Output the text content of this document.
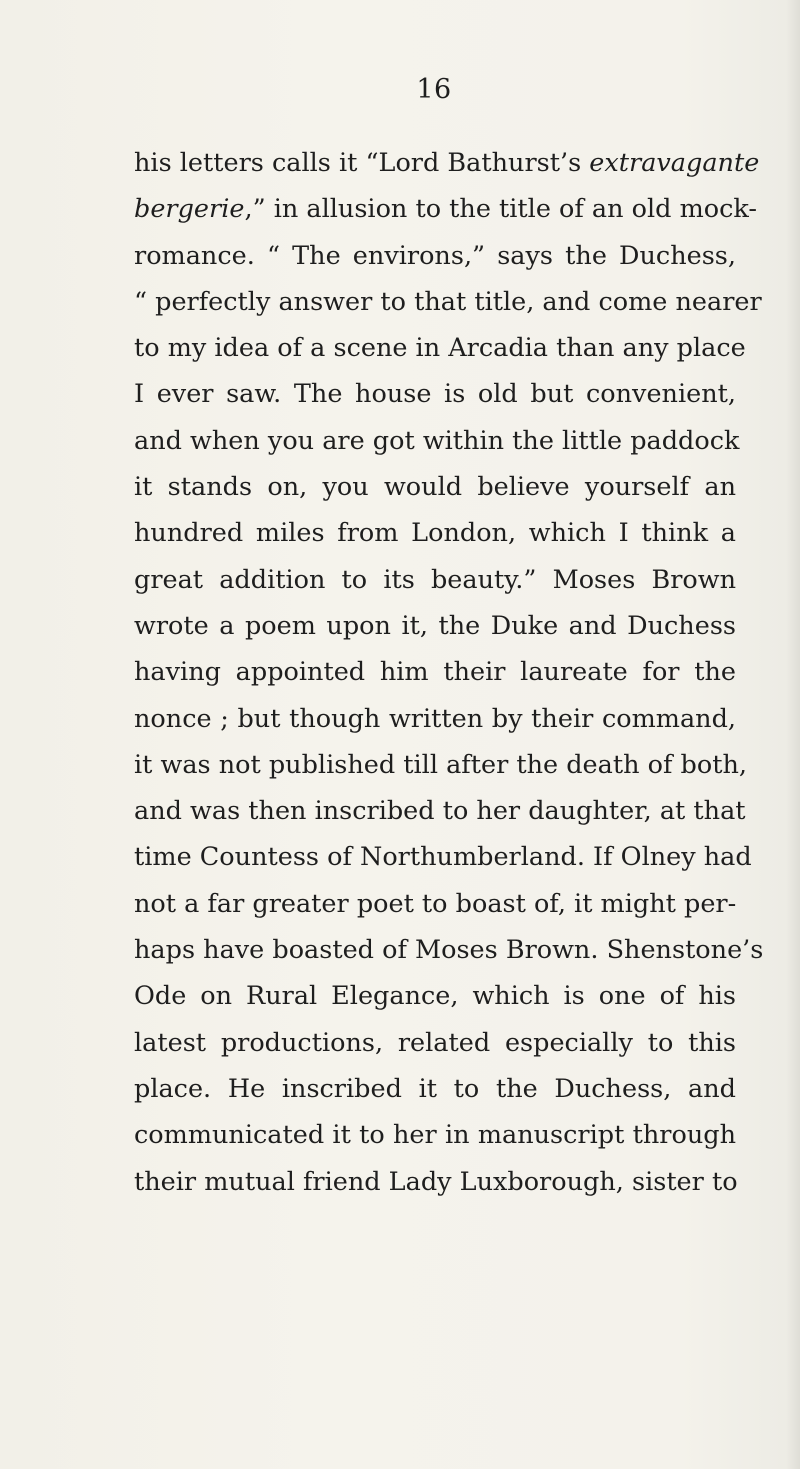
16
his letters calls it “Lord Bathurst’s extravagante
bergerie,” in allusion to the title of an old mock-
romance. “ The environs,” says the Duchess,
“ perfectly answer to that title, and come nearer
to my idea of a scene in Arcadia than any place
I ever saw. The house is old but convenient,
and when you are got within the little paddock
it stands on, you would believe yourself an
hundred miles from London, which I think a
great addition to its beauty.” Moses Brown
wrote a poem upon it, the Duke and Duchess
having appointed him their laureate for the
nonce ; but though written by their command,
it was not published till after the death of both,
and was then inscribed to her daughter, at that
time Countess of Northumberland. If Olney had
not a far greater poet to boast of, it might per-
haps have boasted of Moses Brown. Shenstone’s
Ode on Rural Elegance, which is one of his
latest productions, related especially to this
place. He inscribed it to the Duchess, and
communicated it to her in manuscript through
their mutual friend Lady Luxborough, sister to
